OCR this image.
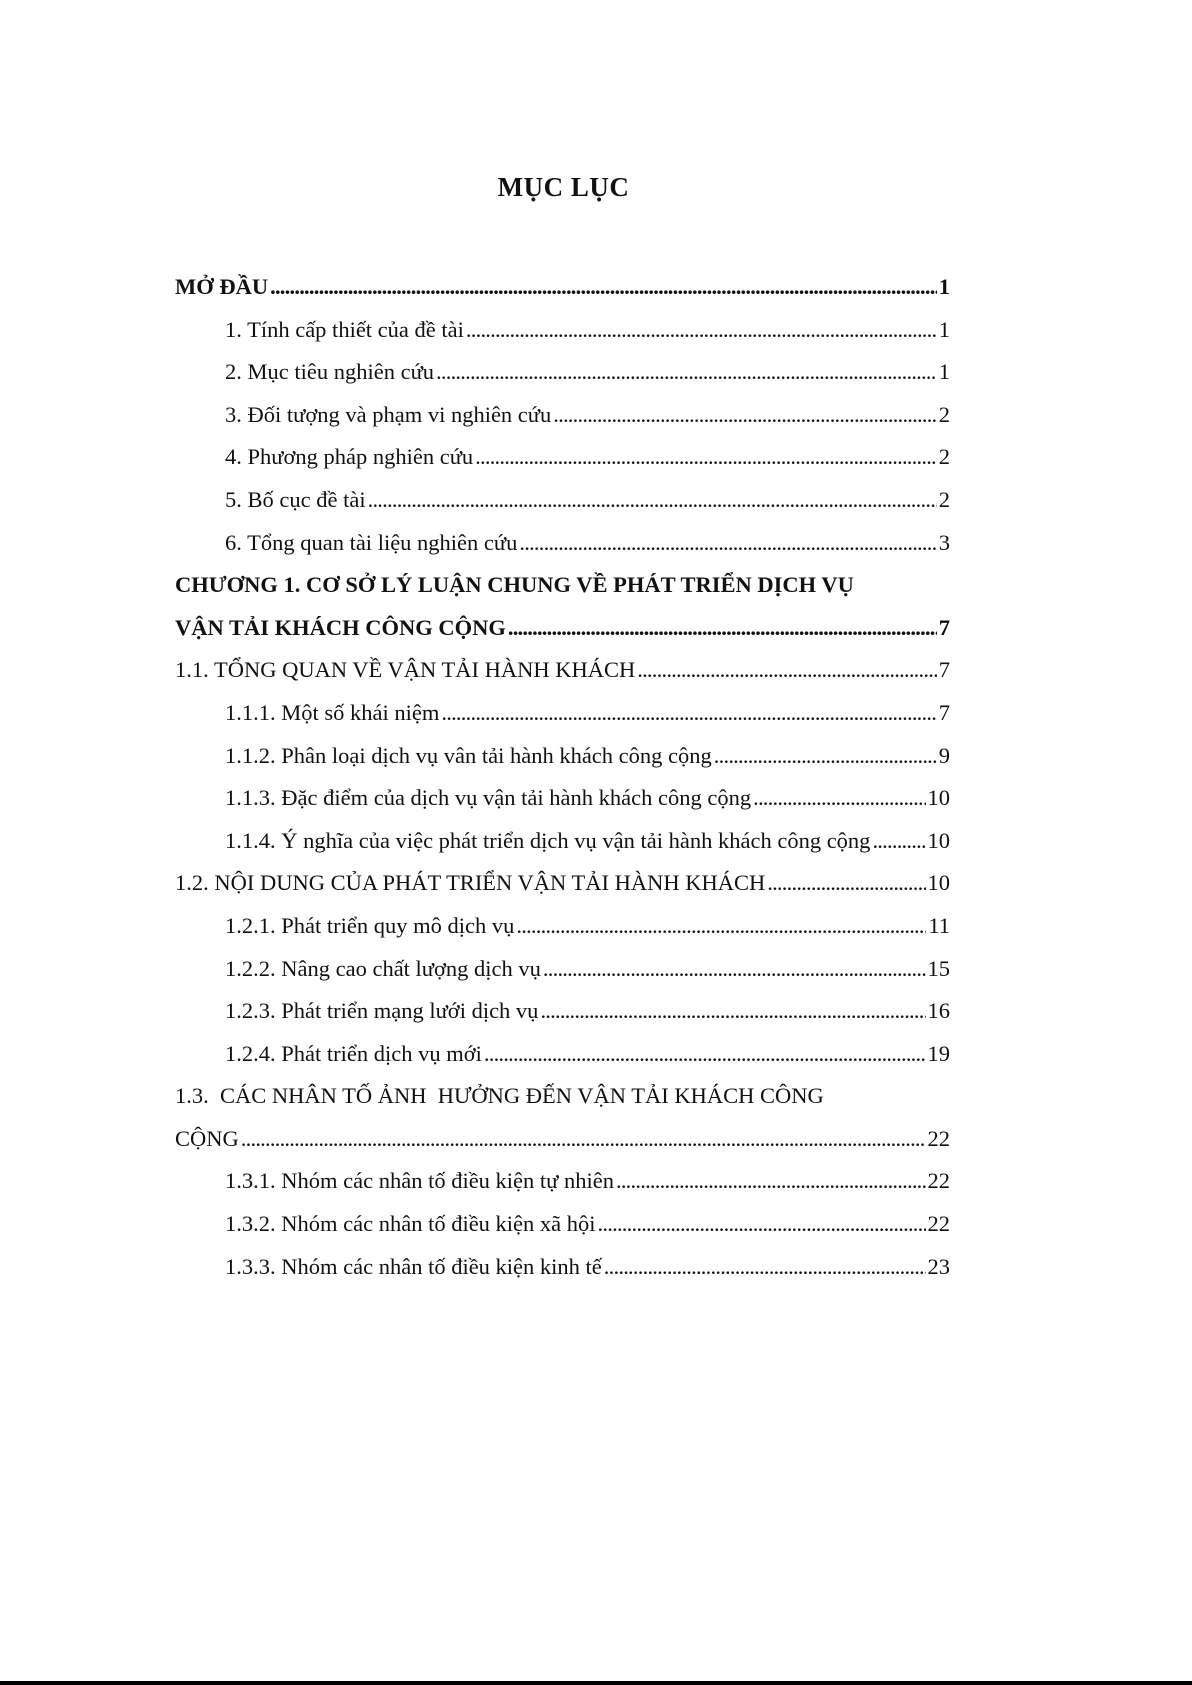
MỤC LỤC
MỞ ĐẦU . . .	1
1. Tính cấp thiết của đề tài . . .	1
2. Mục tiêu nghiên cứu . . .	1
3. Đối tượng và phạm vi nghiên cứu . . .	2
4. Phương pháp nghiên cứu . . .	2
5. Bố cục đề tài . . .	2
6. Tổng quan tài liệu nghiên cứu . . .	3
CHƯƠNG 1. CƠ SỞ LÝ LUẬN CHUNG VỀ PHÁT TRIỂN DỊCH VỤ
VẬN TẢI KHÁCH CÔNG CỘNG . . .	7
1.1. TỔNG QUAN VỀ VẬN TẢI HÀNH KHÁCH . . .	7
1.1.1. Một số khái niệm . . .	7
1.1.2. Phân loại dịch vụ vân tải hành khách công cộng . . .	9
1.1.3. Đặc điểm của dịch vụ vận tải hành khách công cộng . . .	10
1.1.4. Ý nghĩa của việc phát triển dịch vụ vận tải hành khách công cộng . . .	10
1.2. NỘI DUNG CỦA PHÁT TRIỂN VẬN TẢI HÀNH KHÁCH . . .	10
1.2.1. Phát triển quy mô dịch vụ . . .	11
1.2.2. Nâng cao chất lượng dịch vụ . . .	15
1.2.3. Phát triển mạng lưới dịch vụ . . .	16
1.2.4. Phát triển dịch vụ mới . . .	19
1.3.  CÁC NHÂN TỐ ẢNH  HƯỞNG ĐẾN VẬN TẢI KHÁCH CÔNG
CỘNG . . .	22
1.3.1. Nhóm các nhân tố điều kiện tự nhiên . . .	22
1.3.2. Nhóm các nhân tố điều kiện xã hội . . .	22
1.3.3. Nhóm các nhân tố điều kiện kinh tế . . .	23
